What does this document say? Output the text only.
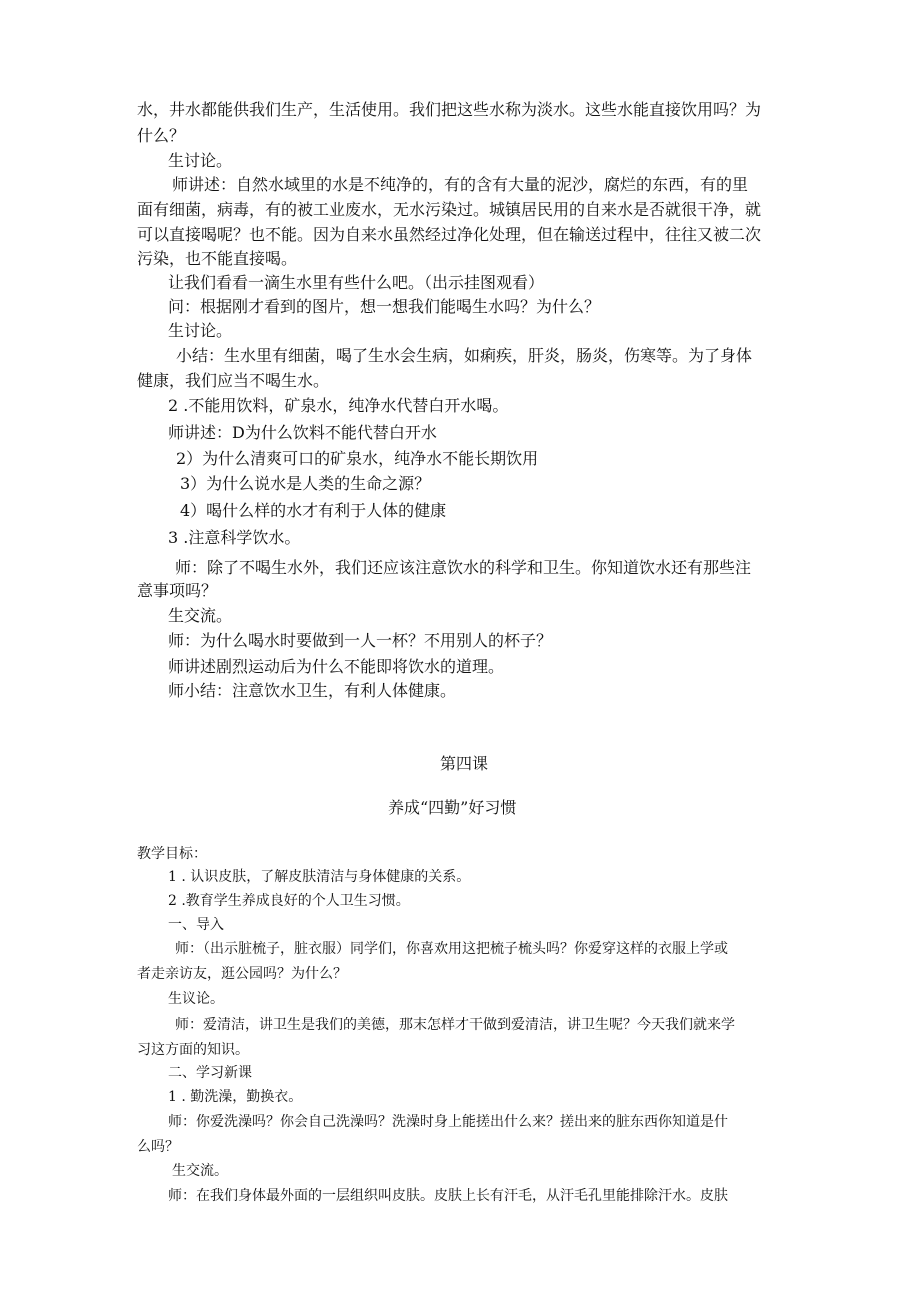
水，井水都能供我们生产，生活使用。我们把这些水称为淡水。这些水能直接饮用吗？为

什么？

生讨论。

师讲述：自然水域里的水是不纯净的，有的含有大量的泥沙，腐烂的东西，有的里

面有细菌，病毒，有的被工业废水，无水污染过。城镇居民用的自来水是否就很干净，就

可以直接喝呢？也不能。因为自来水虽然经过净化处理，但在输送过程中，往往又被二次

污染，也不能直接喝。

让我们看看一滴生水里有些什么吧。（出示挂图观看）

问：根据刚才看到的图片，想一想我们能喝生水吗？为什么？

生讨论。

小结：生水里有细菌，喝了生水会生病，如痢疾，肝炎，肠炎，伤寒等。为了身体

健康，我们应当不喝生水。

2 .不能用饮料，矿泉水，纯净水代替白开水喝。

师讲述：D为什么饮料不能代替白开水

2）为什么清爽可口的矿泉水，纯净水不能长期饮用

3）为什么说水是人类的生命之源？

4）喝什么样的水才有利于人体的健康

3 .注意科学饮水。

师：除了不喝生水外，我们还应该注意饮水的科学和卫生。你知道饮水还有那些注

意事项吗？

生交流。

师：为什么喝水时要做到一人一杯？不用别人的杯子？

师讲述剧烈运动后为什么不能即将饮水的道理。

师小结：注意饮水卫生，有利人体健康。

第四课

养成“四勤”好习惯

教学目标：

1 . 认识皮肤，了解皮肤清洁与身体健康的关系。

2 .教育学生养成良好的个人卫生习惯。

一、导入

师：（出示脏梳子，脏衣服）同学们，你喜欢用这把梳子梳头吗？你爱穿这样的衣服上学或

者走亲访友，逛公园吗？为什么？

生议论。

师：爱清洁，讲卫生是我们的美德，那末怎样才干做到爱清洁，讲卫生呢？今天我们就来学

习这方面的知识。

二、学习新课

1 . 勤洗澡，勤换衣。

师：你爱洗澡吗？你会自己洗澡吗？洗澡时身上能搓出什么来？搓出来的脏东西你知道是什

么吗？

生交流。

师：在我们身体最外面的一层组织叫皮肤。皮肤上长有汗毛，从汗毛孔里能排除汗水。皮肤
